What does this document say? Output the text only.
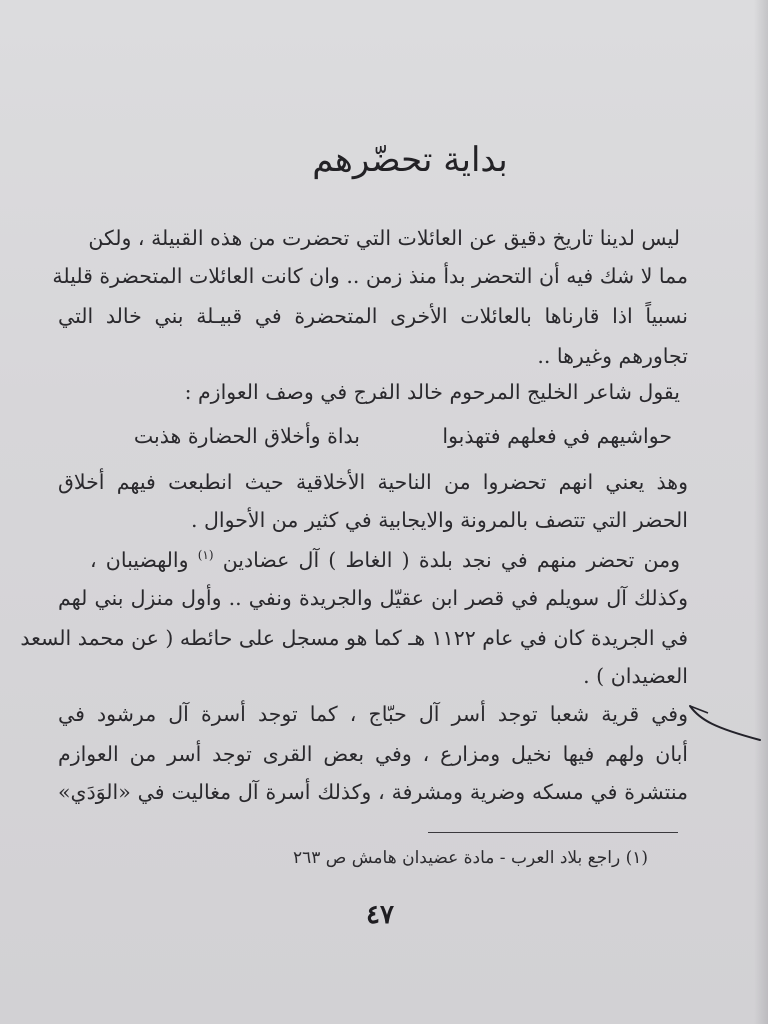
بداية تحضّرهم
ليس لدينا تاريخ دقيق عن العائلات التي تحضرت من هذه القبيلة ، ولكن
مما لا شك فيه أن التحضر بدأ منذ زمن .. وان كانت العائلات المتحضرة قليلة
نسبياً اذا قارناها بالعائلات الأخرى المتحضرة في قبيـلة بني خالد التي
تجاورهم وغيرها ..
يقول شاعر الخليج المرحوم خالد الفرج في وصف العوازم :
بداة وأخلاق الحضارة هذبت	حواشيهم في فعلهم فتهذبوا
وهذ يعني انهم تحضروا من الناحية الأخلاقية حيث انطبعت فيهم أخلاق
الحضر التي تتصف بالمرونة والايجابية في كثير من الأحوال .
ومن تحضر منهم في نجد بلدة ( الغاط ) آل عضادين $^{(١)}$ والهضيبان ،
وكذلك آل سويلم في قصر ابن عقيّل والجريدة ونفي .. وأول منزل بني لهم
في الجريدة كان في عام ١١٢٢ هـ كما هو مسجل على حائطه ( عن محمد السعد
العضيدان ) .
وفي قرية شعبا توجد أسر آل حبّاج ، كما توجد أسرة آل مرشود في
أبان ولهم فيها نخيل ومزارع ، وفي بعض القرى توجد أسر من العوازم
منتشرة في مسكه وضرية ومشرفة ، وكذلك أسرة آل مغاليت في «الوَدَي»
(١) راجع بلاد العرب - مادة عضيدان هامش ص ٢٦٣
٤٧
